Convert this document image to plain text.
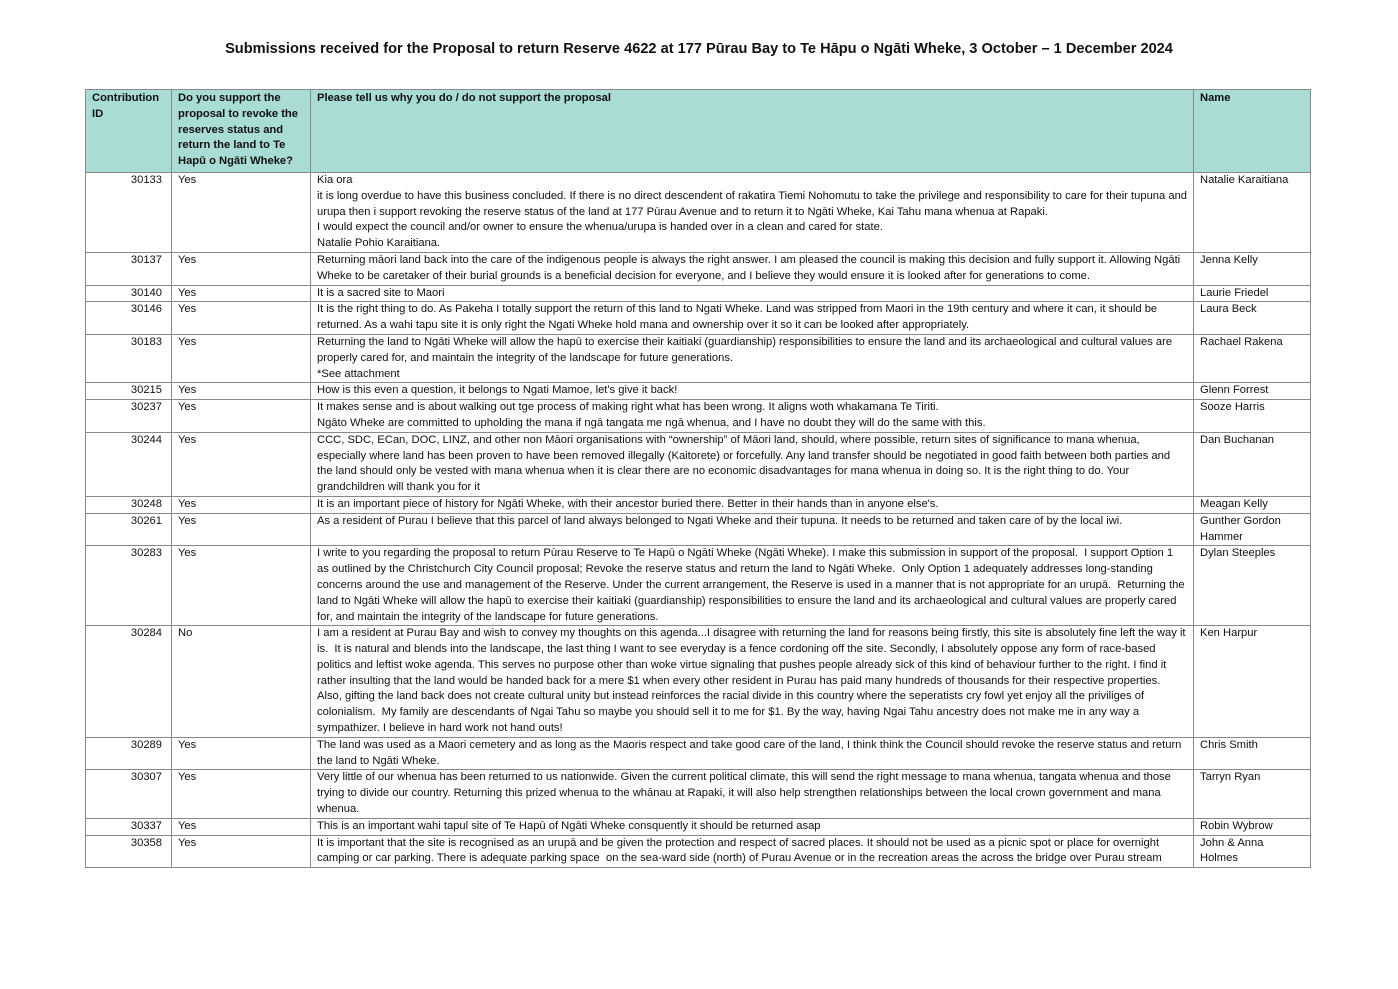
Submissions received for the Proposal to return Reserve 4622 at 177 Pūrau Bay to Te Hāpu o Ngāti Wheke, 3 October – 1 December 2024
Contribution ID	Do you support the proposal to revoke the reserves status and return the land to Te Hapū o Ngāti Wheke?	Please tell us why you do / do not support the proposal	Name
30133	Yes	Kia ora
it is long overdue to have this business concluded. If there is no direct descendent of rakatira Tiemi Nohomutu to take the privilege and responsibility to care for their tupuna and urupa then i support revoking the reserve status of the land at 177 Pūrau Avenue and to return it to Ngāti Wheke, Kai Tahu mana whenua at Rapaki.
I would expect the council and/or owner to ensure the whenua/urupa is handed over in a clean and cared for state.
Natalie Pohio Karaitiana.	Natalie Karaitiana
30137	Yes	Returning māori land back into the care of the indigenous people is always the right answer. I am pleased the council is making this decision and fully support it. Allowing Ngāti Wheke to be caretaker of their burial grounds is a beneficial decision for everyone, and I believe they would ensure it is looked after for generations to come.	Jenna Kelly
30140	Yes	It is a sacred site to Maori	Laurie Friedel
30146	Yes	It is the right thing to do. As Pakeha I totally support the return of this land to Ngati Wheke. Land was stripped from Maori in the 19th century and where it can, it should be returned. As a wahi tapu site it is only right the Ngati Wheke hold mana and ownership over it so it can be looked after appropriately.	Laura Beck
30183	Yes	Returning the land to Ngāti Wheke will allow the hapū to exercise their kaitiaki (guardianship) responsibilities to ensure the land and its archaeological and cultural values are properly cared for, and maintain the integrity of the landscape for future generations.
*See attachment	Rachael Rakena
30215	Yes	How is this even a question, it belongs to Ngati Mamoe, let's give it back!	Glenn Forrest
30237	Yes	It makes sense and is about walking out tge process of making right what has been wrong. It aligns woth whakamana Te Tiriti.
Ngāto Wheke are committed to upholding the mana if ngā tangata me ngā whenua, and I have no doubt they will do the same with this.	Sooze Harris
30244	Yes	CCC, SDC, ECan, DOC, LINZ, and other non Māori organisations with “ownership” of Māori land, should, where possible, return sites of significance to mana whenua, especially where land has been proven to have been removed illegally (Kaitorete) or forcefully. Any land transfer should be negotiated in good faith between both parties and the land should only be vested with mana whenua when it is clear there are no economic disadvantages for mana whenua in doing so. It is the right thing to do. Your grandchildren will thank you for it	Dan Buchanan
30248	Yes	It is an important piece of history for Ngāti Wheke, with their ancestor buried there. Better in their hands than in anyone else's.	Meagan Kelly
30261	Yes	As a resident of Purau I believe that this parcel of land always belonged to Ngati Wheke and their tupuna. It needs to be returned and taken care of by the local iwi.	Gunther Gordon Hammer
30283	Yes	I write to you regarding the proposal to return Pūrau Reserve to Te Hapū o Ngāti Wheke (Ngāti Wheke). I make this submission in support of the proposal.  I support Option 1 as outlined by the Christchurch City Council proposal; Revoke the reserve status and return the land to Ngāti Wheke.  Only Option 1 adequately addresses long-standing concerns around the use and management of the Reserve. Under the current arrangement, the Reserve is used in a manner that is not appropriate for an urupā.  Returning the land to Ngāti Wheke will allow the hapū to exercise their kaitiaki (guardianship) responsibilities to ensure the land and its archaeological and cultural values are properly cared for, and maintain the integrity of the landscape for future generations.	Dylan Steeples
30284	No	I am a resident at Purau Bay and wish to convey my thoughts on this agenda...I disagree with returning the land for reasons being firstly, this site is absolutely fine left the way it is.  It is natural and blends into the landscape, the last thing I want to see everyday is a fence cordoning off the site. Secondly, I absolutely oppose any form of race-based politics and leftist woke agenda. This serves no purpose other than woke virtue signaling that pushes people already sick of this kind of behaviour further to the right. I find it rather insulting that the land would be handed back for a mere $1 when every other resident in Purau has paid many hundreds of thousands for their respective properties. Also, gifting the land back does not create cultural unity but instead reinforces the racial divide in this country where the seperatists cry fowl yet enjoy all the priviliges of colonialism.  My family are descendants of Ngai Tahu so maybe you should sell it to me for $1. By the way, having Ngai Tahu ancestry does not make me in any way a sympathizer. I believe in hard work not hand outs!	Ken Harpur
30289	Yes	The land was used as a Maori cemetery and as long as the Maoris respect and take good care of the land, I think think the Council should revoke the reserve status and return the land to Ngāti Wheke.	Chris Smith
30307	Yes	Very little of our whenua has been returned to us nationwide. Given the current political climate, this will send the right message to mana whenua, tangata whenua and those trying to divide our country. Returning this prized whenua to the whānau at Rapaki, it will also help strengthen relationships between the local crown government and mana whenua.	Tarryn Ryan
30337	Yes	This is an important wahi tapul site of Te Hapū of Ngāti Wheke consquently it should be returned asap	Robin Wybrow
30358	Yes	It is important that the site is recognised as an urupā and be given the protection and respect of sacred places. It should not be used as a picnic spot or place for overnight camping or car parking. There is adequate parking space  on the sea-ward side (north) of Purau Avenue or in the recreation areas the across the bridge over Purau stream	John & Anna Holmes
